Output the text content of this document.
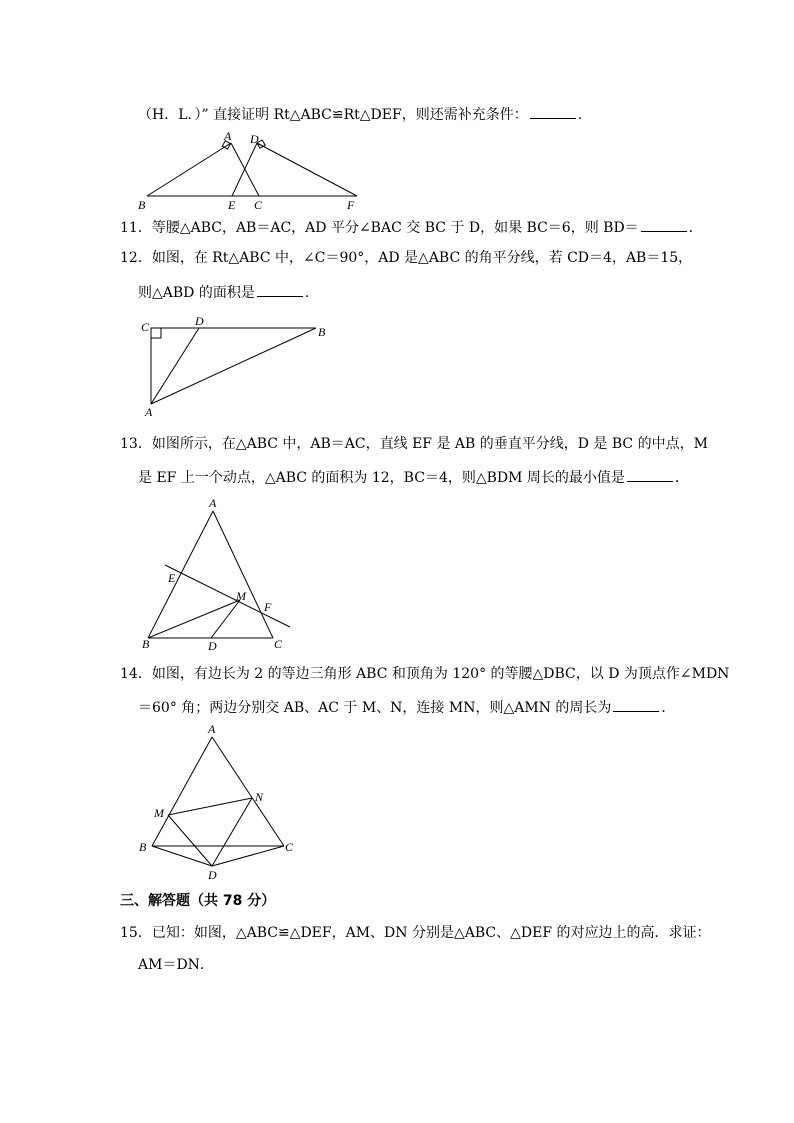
（H．L．）” 直接证明 Rt△ABC≌Rt△DEF，则还需补充条件：	．
A D
B	E C	F
11．等腰△ABC，AB＝AC，AD 平分∠BAC 交 BC 于 D，如果 BC＝6，则 BD＝	．
12．如图，在 Rt△ABC 中，∠C＝90°，AD 是△ABC 的角平分线，若 CD＝4，AB＝15，
则△ABD 的面积是	．
C	D
B
A
13．如图所示，在△ABC 中，AB＝AC，直线 EF 是 AB 的垂直平分线，D 是 BC 的中点，M
是 EF 上一个动点，△ABC 的面积为 12，BC＝4，则△BDM 周长的最小值是	．
A
E
M
F
B	D	C
14．如图，有边长为 2 的等边三角形 ABC 和顶角为 120° 的等腰△DBC，以 D 为顶点作∠MDN
＝60° 角；两边分别交 AB、AC 于 M、N，连接 MN，则△AMN 的周长为	．
A
M
N
B	C
D
三、解答题（共 78 分）
15．已知：如图，△ABC≌△DEF，AM、DN 分别是△ABC、△DEF 的对应边上的高．求证：
AM＝DN．
